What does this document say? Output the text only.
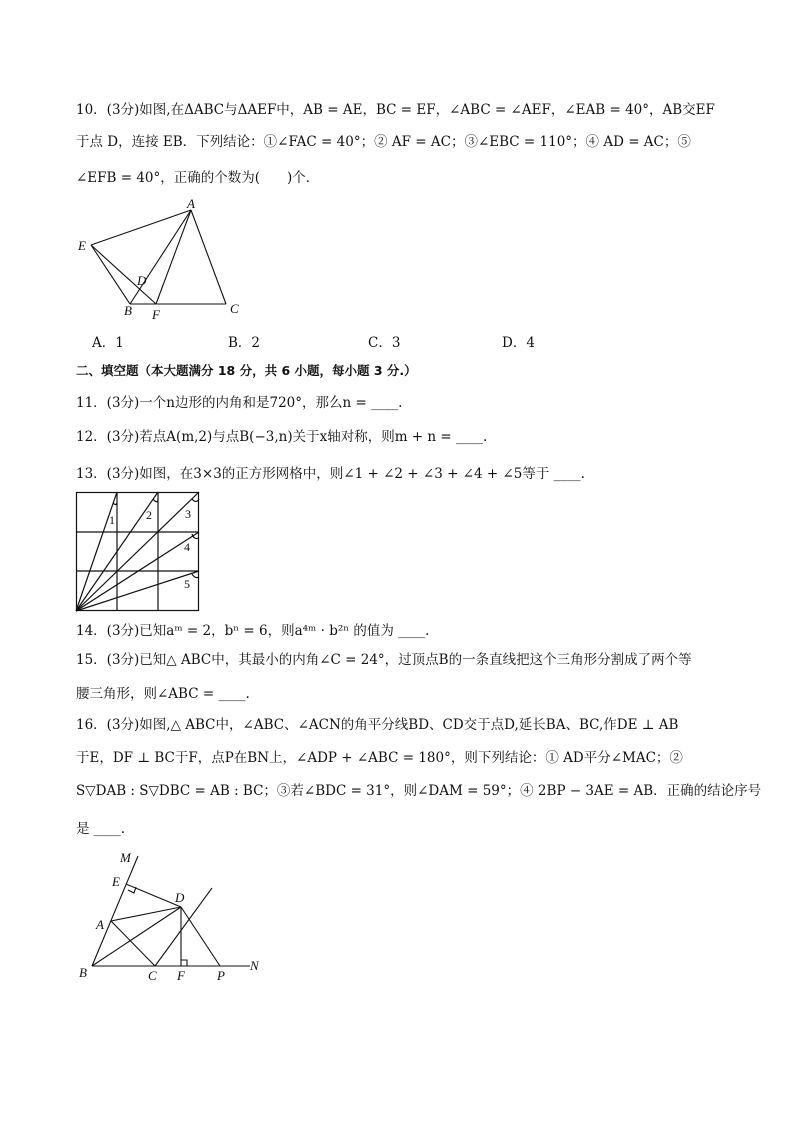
10．(3分)如图,在ΔABC与ΔAEF中，AB = AE，BC = EF，∠ABC = ∠AEF，∠EAB = 40°，AB交EF
于点 D，连接 EB．下列结论：①∠FAC = 40°；② AF = AC；③∠EBC = 110°；④ AD = AC；⑤
∠EFB = 40°，正确的个数为(　　)个．
A
E
D
B F	C
A．1	B．2	C．3	D．4
二、填空题（本大题满分 18 分，共 6 小题，每小题 3 分.）
11．(3分)一个n边形的内角和是720°，那么n = ____.
12．(3分)若点A(m,2)与点B(−3,n)关于x轴对称，则m + n = ____.
13．(3分)如图，在3×3的正方形网格中，则∠1 + ∠2 + ∠3 + ∠4 + ∠5等于 ____.
1	2	3
4
5
14．(3分)已知aᵐ = 2，bⁿ = 6，则a⁴ᵐ · b²ⁿ 的值为 ____.
15．(3分)已知△ ABC中，其最小的内角∠C = 24°，过顶点B的一条直线把这个三角形分割成了两个等
腰三角形，则∠ABC = ____.
16．(3分)如图,△ ABC中，∠ABC、∠ACN的角平分线BD、CD交于点D,延长BA、BC,作DE ⊥ AB
于E，DF ⊥ BC于F，点P在BN上，∠ADP + ∠ABC = 180°，则下列结论：① AD平分∠MAC；②
S▽DAB : S▽DBC = AB : BC；③若∠BDC = 31°，则∠DAM = 59°；④ 2BP − 3AE = AB．正确的结论序号
是 ____.
M
E
D
A
B	C F P
N
